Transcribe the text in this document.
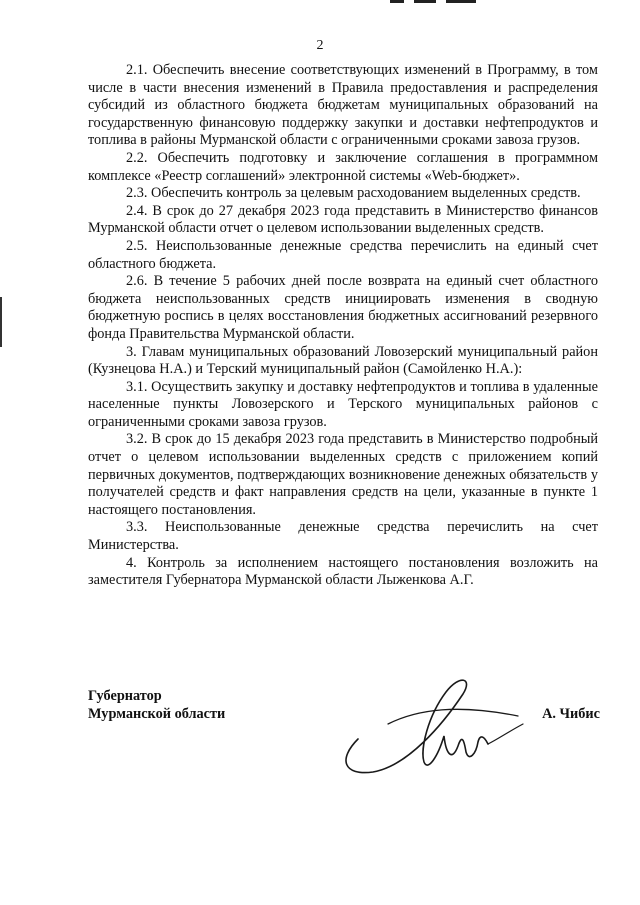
2

2.1. Обеспечить внесение соответствующих изменений в Программу, в том числе в части внесения изменений в Правила предоставления и распределения субсидий из областного бюджета бюджетам муниципальных образований на государственную финансовую поддержку закупки и доставки нефтепродуктов и топлива в районы Мурманской области с ограниченными сроками завоза грузов.

2.2. Обеспечить подготовку и заключение соглашения в программном комплексе «Реестр соглашений» электронной системы «Web-бюджет».

2.3. Обеспечить контроль за целевым расходованием выделенных средств.

2.4. В срок до 27 декабря 2023 года представить в Министерство финансов Мурманской области отчет о целевом использовании выделенных средств.

2.5. Неиспользованные денежные средства перечислить на единый счет областного бюджета.

2.6. В течение 5 рабочих дней после возврата на единый счет областного бюджета неиспользованных средств инициировать изменения в сводную бюджетную роспись в целях восстановления бюджетных ассигнований резервного фонда Правительства Мурманской области.

3. Главам муниципальных образований Ловозерский муниципальный район (Кузнецова Н.А.) и Терский муниципальный район (Самойленко Н.А.):

3.1. Осуществить закупку и доставку нефтепродуктов и топлива в удаленные населенные пункты Ловозерского и Терского муниципальных районов с ограниченными сроками завоза грузов.

3.2. В срок до 15 декабря 2023 года представить в Министерство подробный отчет о целевом использовании выделенных средств с приложением копий первичных документов, подтверждающих возникновение денежных обязательств у получателей средств и факт направления средств на цели, указанные в пункте 1 настоящего постановления.

3.3. Неиспользованные денежные средства перечислить на счет Министерства.

4. Контроль за исполнением настоящего постановления возложить на заместителя Губернатора Мурманской области Лыженкова А.Г.

Губернатор
Мурманской области	А. Чибис
